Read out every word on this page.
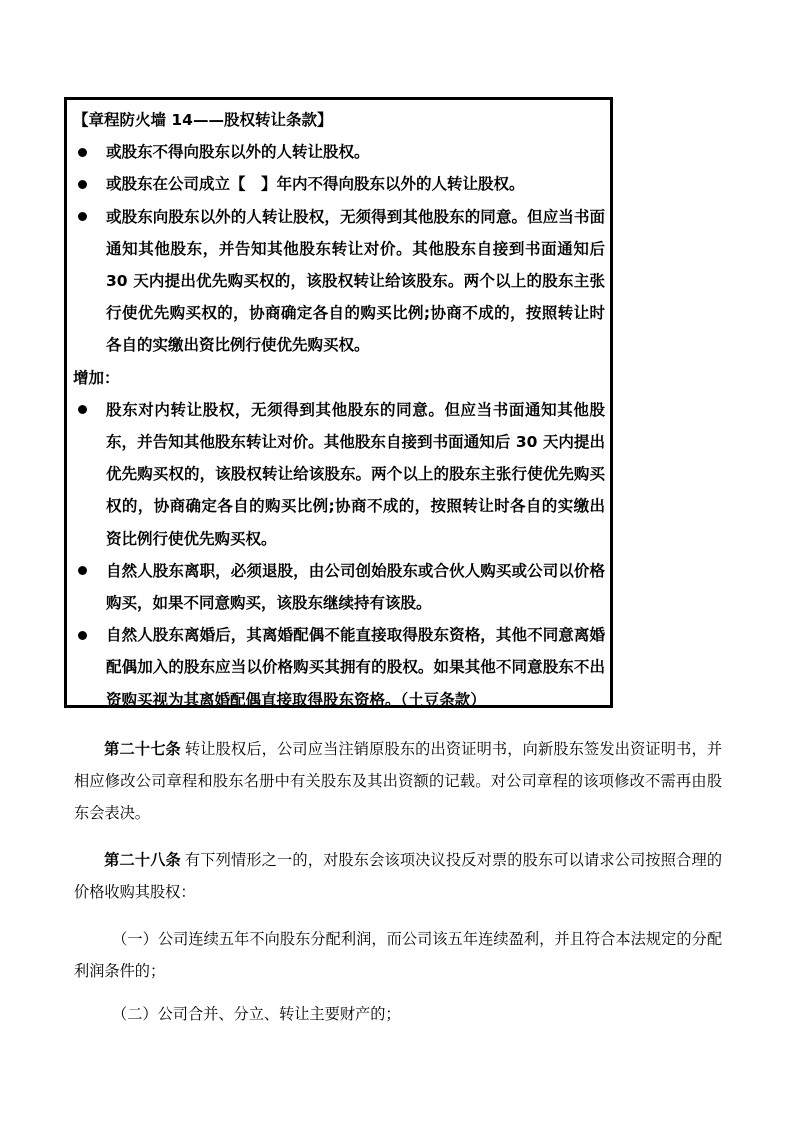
【章程防火墙 14——股权转让条款】

或股东不得向股东以外的人转让股权。
或股东在公司成立【　】年内不得向股东以外的人转让股权。
或股东向股东以外的人转让股权，无须得到其他股东的同意。但应当书面通知其他股东，并告知其他股东转让对价。其他股东自接到书面通知后 30 天内提出优先购买权的，该股权转让给该股东。两个以上的股东主张行使优先购买权的，协商确定各自的购买比例;协商不成的，按照转让时各自的实缴出资比例行使优先购买权。

增加：

股东对内转让股权，无须得到其他股东的同意。但应当书面通知其他股东，并告知其他股东转让对价。其他股东自接到书面通知后 30 天内提出优先购买权的，该股权转让给该股东。两个以上的股东主张行使优先购买权的，协商确定各自的购买比例;协商不成的，按照转让时各自的实缴出资比例行使优先购买权。
自然人股东离职，必须退股，由公司创始股东或合伙人购买或公司以价格购买，如果不同意购买，该股东继续持有该股。
自然人股东离婚后，其离婚配偶不能直接取得股东资格，其他不同意离婚配偶加入的股东应当以价格购买其拥有的股权。如果其他不同意股东不出资购买视为其离婚配偶直接取得股东资格。（土豆条款）
第二十七条 转让股权后，公司应当注销原股东的出资证明书，向新股东签发出资证明书，并相应修改公司章程和股东名册中有关股东及其出资额的记载。对公司章程的该项修改不需再由股东会表决。
第二十八条 有下列情形之一的，对股东会该项决议投反对票的股东可以请求公司按照合理的价格收购其股权：
（一）公司连续五年不向股东分配利润，而公司该五年连续盈利，并且符合本法规定的分配利润条件的；
（二）公司合并、分立、转让主要财产的；
